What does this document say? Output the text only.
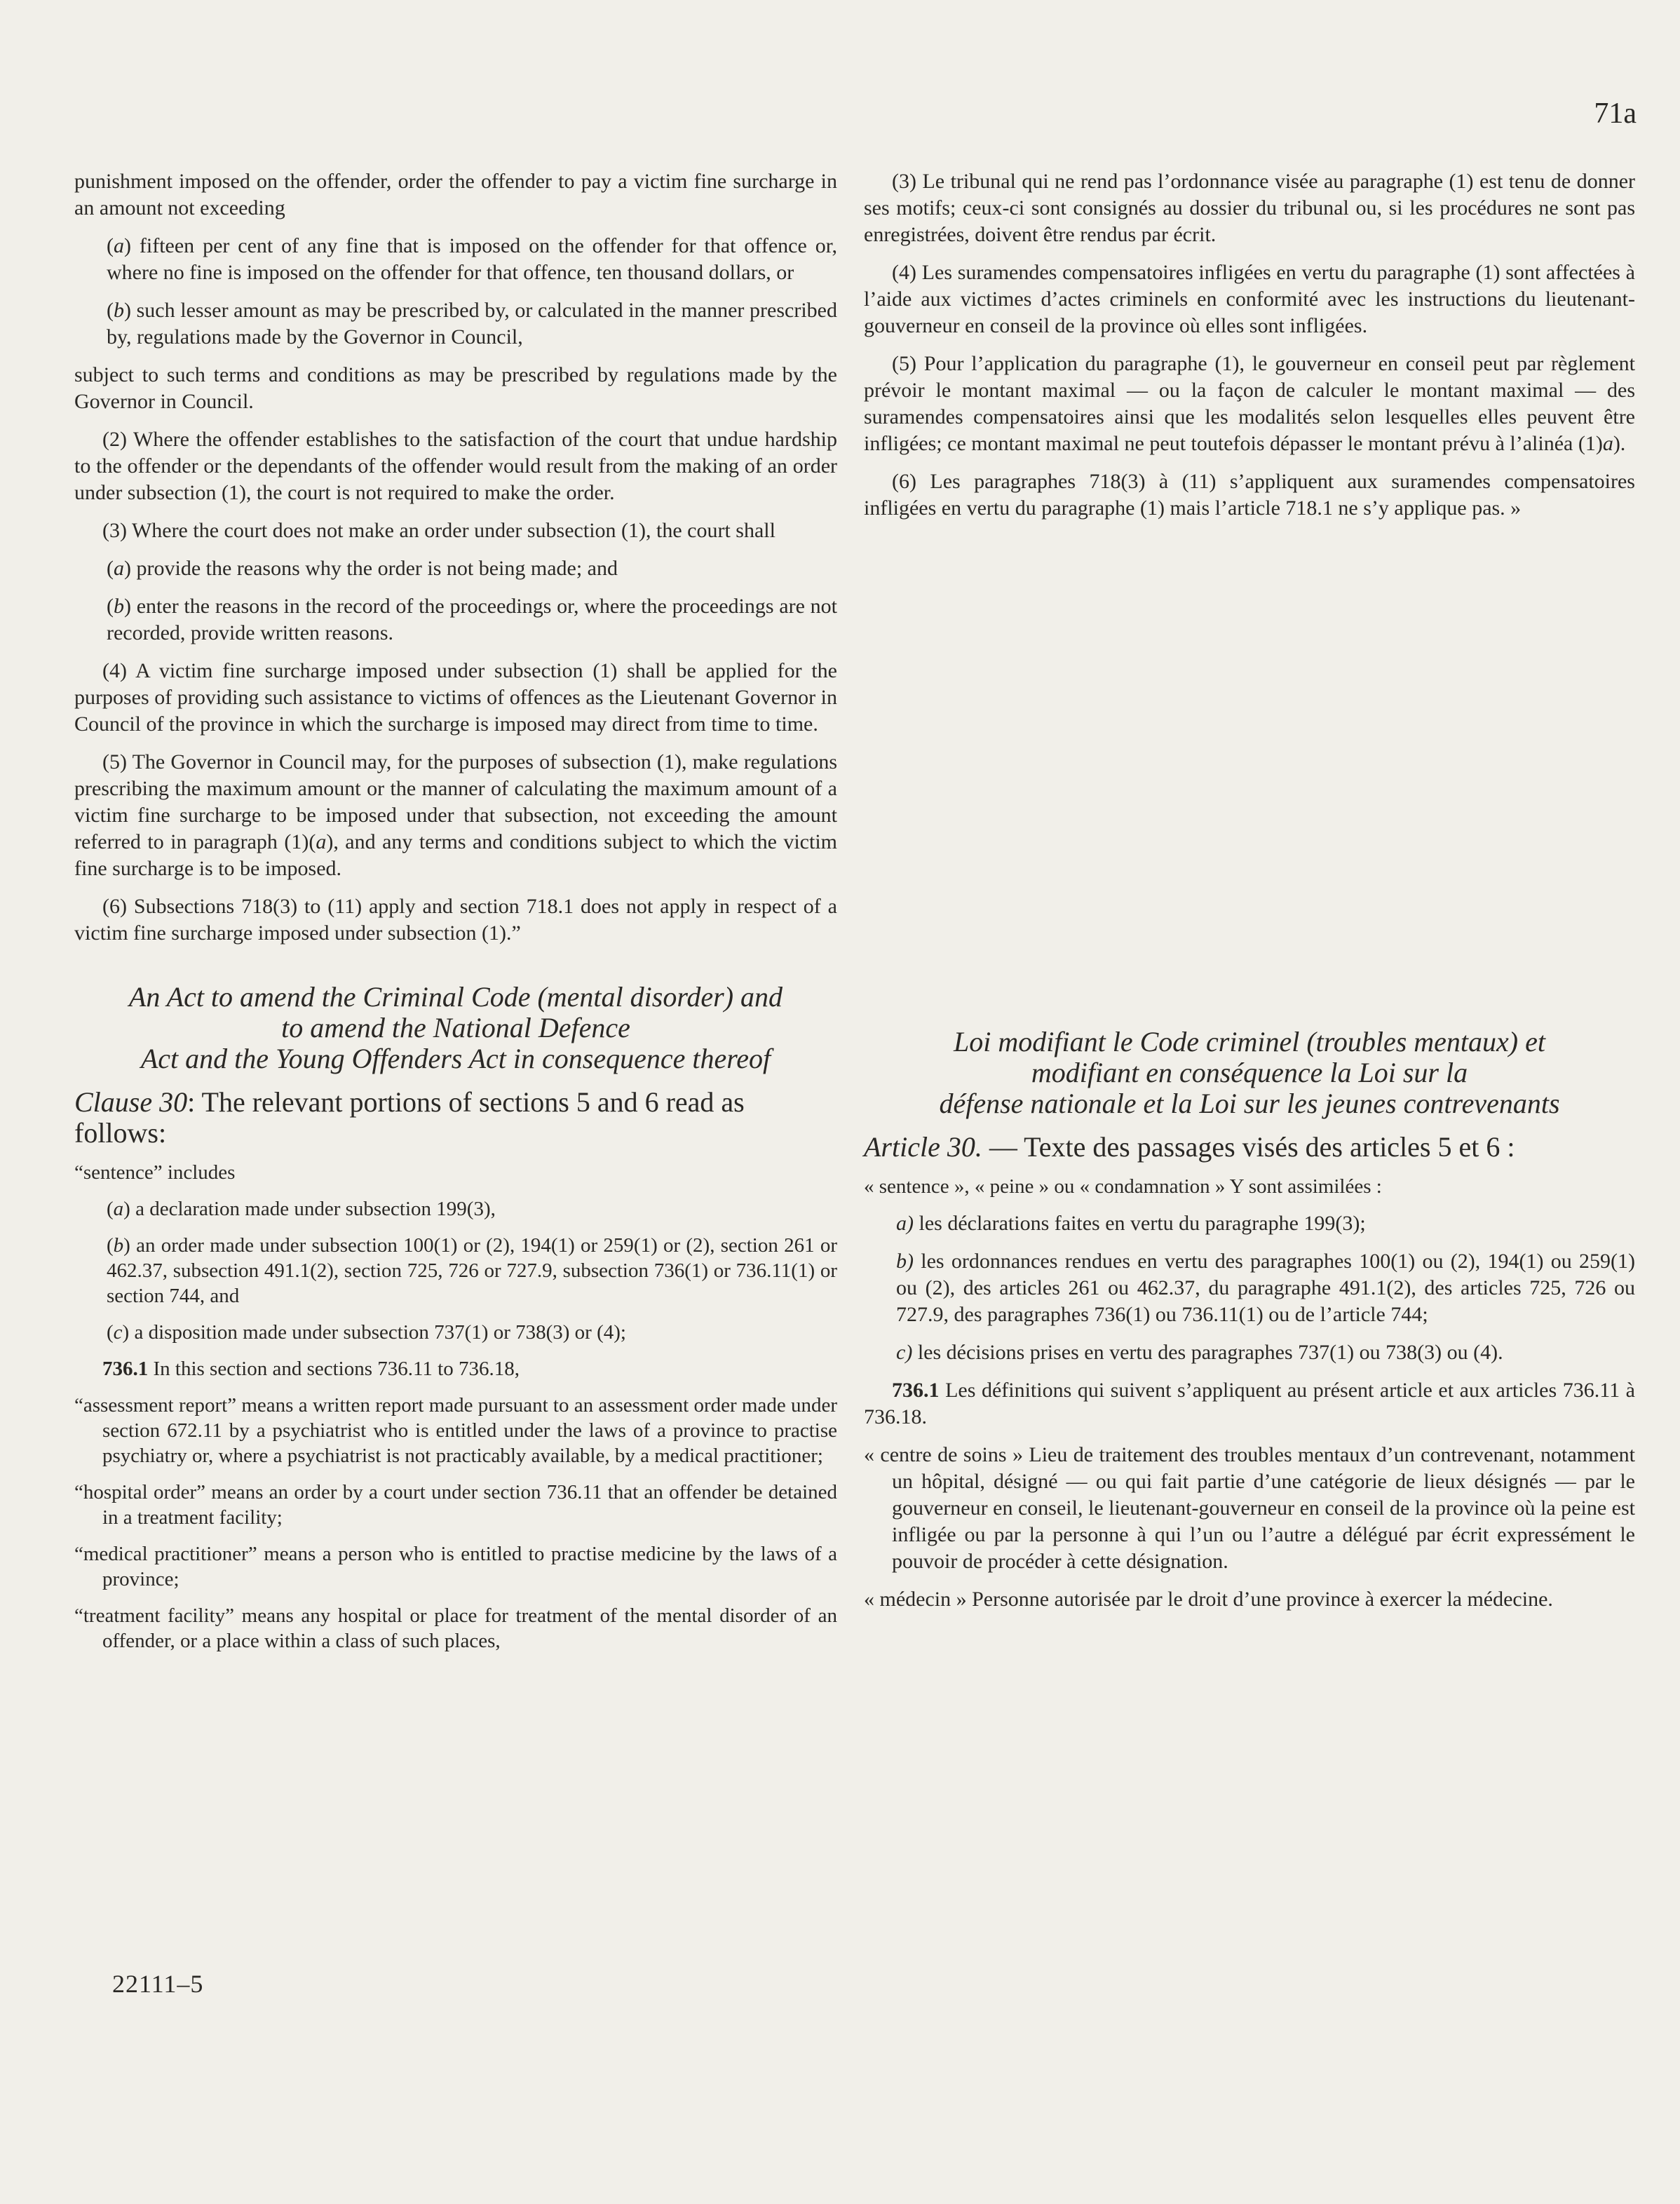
71a

punishment imposed on the offender, order the offender to pay a victim fine surcharge in an amount not exceeding

(a) fifteen per cent of any fine that is imposed on the offender for that offence or, where no fine is imposed on the offender for that offence, ten thousand dollars, or

(b) such lesser amount as may be prescribed by, or calculated in the manner prescribed by, regulations made by the Governor in Council,

subject to such terms and conditions as may be prescribed by regulations made by the Governor in Council.

(2) Where the offender establishes to the satisfaction of the court that undue hardship to the offender or the dependants of the offender would result from the making of an order under subsection (1), the court is not required to make the order.

(3) Where the court does not make an order under subsection (1), the court shall

(a) provide the reasons why the order is not being made; and

(b) enter the reasons in the record of the proceedings or, where the proceedings are not recorded, provide written reasons.

(4) A victim fine surcharge imposed under subsection (1) shall be applied for the purposes of providing such assistance to victims of offences as the Lieutenant Governor in Council of the province in which the surcharge is imposed may direct from time to time.

(5) The Governor in Council may, for the purposes of subsection (1), make regulations prescribing the maximum amount or the manner of calculating the maximum amount of a victim fine surcharge to be imposed under that subsection, not exceeding the amount referred to in paragraph (1)(a), and any terms and conditions subject to which the victim fine surcharge is to be imposed.

(6) Subsections 718(3) to (11) apply and section 718.1 does not apply in respect of a victim fine surcharge imposed under subsection (1).”

An Act to amend the Criminal Code (mental disorder) and
to amend the National Defence
Act and the Young Offenders Act in consequence thereof

Clause 30: The relevant portions of sections 5 and 6 read as follows:

“sentence” includes

(a) a declaration made under subsection 199(3),

(b) an order made under subsection 100(1) or (2), 194(1) or 259(1) or (2), section 261 or 462.37, subsection 491.1(2), section 725, 726 or 727.9, subsection 736(1) or 736.11(1) or section 744, and

(c) a disposition made under subsection 737(1) or 738(3) or (4);

736.1 In this section and sections 736.11 to 736.18,

“assessment report” means a written report made pursuant to an assessment order made under section 672.11 by a psychiatrist who is entitled under the laws of a province to practise psychiatry or, where a psychiatrist is not practicably available, by a medical practitioner;

“hospital order” means an order by a court under section 736.11 that an offender be detained in a treatment facility;

“medical practitioner” means a person who is entitled to practise medicine by the laws of a province;

“treatment facility” means any hospital or place for treatment of the mental disorder of an offender, or a place within a class of such places,

(3) Le tribunal qui ne rend pas l’ordonnance visée au paragraphe (1) est tenu de donner ses motifs; ceux-ci sont consignés au dossier du tribunal ou, si les procédures ne sont pas enregistrées, doivent être rendus par écrit.

(4) Les suramendes compensatoires infligées en vertu du paragraphe (1) sont affectées à l’aide aux victimes d’actes criminels en conformité avec les instructions du lieutenant-gouverneur en conseil de la province où elles sont infligées.

(5) Pour l’application du paragraphe (1), le gouverneur en conseil peut par règlement prévoir le montant maximal — ou la façon de calculer le montant maximal — des suramendes compensatoires ainsi que les modalités selon lesquelles elles peuvent être infligées; ce montant maximal ne peut toutefois dépasser le montant prévu à l’alinéa (1)a).

(6) Les paragraphes 718(3) à (11) s’appliquent aux suramendes compensatoires infligées en vertu du paragraphe (1) mais l’article 718.1 ne s’y applique pas. »

Loi modifiant le Code criminel (troubles mentaux) et
modifiant en conséquence la Loi sur la
défense nationale et la Loi sur les jeunes contrevenants

Article 30. — Texte des passages visés des articles 5 et 6 :

« sentence », « peine » ou « condamnation » Y sont assimilées :

a) les déclarations faites en vertu du paragraphe 199(3);

b) les ordonnances rendues en vertu des paragraphes 100(1) ou (2), 194(1) ou 259(1) ou (2), des articles 261 ou 462.37, du paragraphe 491.1(2), des articles 725, 726 ou 727.9, des paragraphes 736(1) ou 736.11(1) ou de l’article 744;

c) les décisions prises en vertu des paragraphes 737(1) ou 738(3) ou (4).

736.1 Les définitions qui suivent s’appliquent au présent article et aux articles 736.11 à 736.18.

« centre de soins » Lieu de traitement des troubles mentaux d’un contrevenant, notamment un hôpital, désigné — ou qui fait partie d’une catégorie de lieux désignés — par le gouverneur en conseil, le lieutenant-gouverneur en conseil de la province où la peine est infligée ou par la personne à qui l’un ou l’autre a délégué par écrit expressément le pouvoir de procéder à cette désignation.

« médecin » Personne autorisée par le droit d’une province à exercer la médecine.

22111–5
